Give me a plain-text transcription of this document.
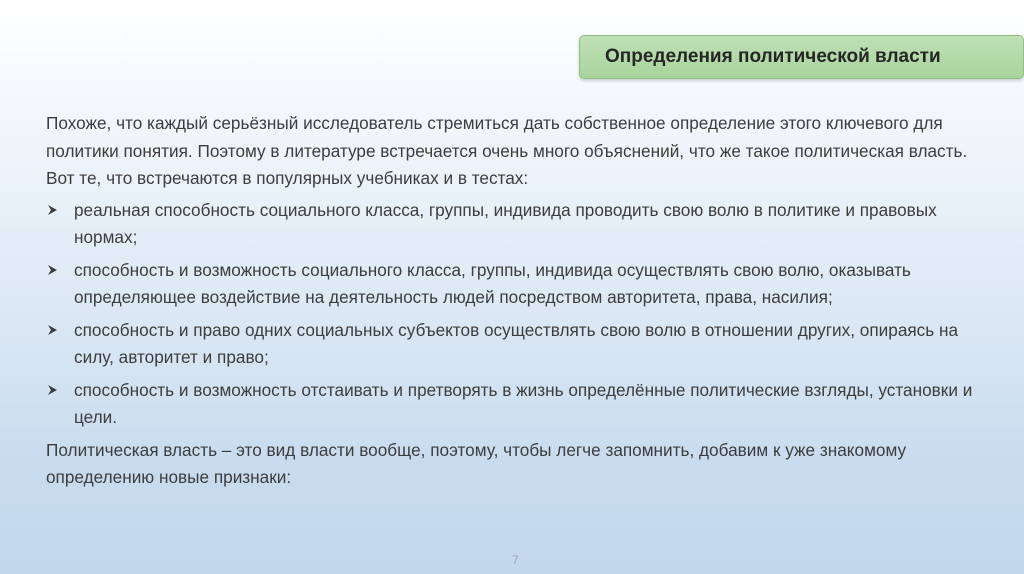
Определения политической власти

Похоже, что каждый серьёзный исследователь стремиться дать собственное определение этого ключевого для политики понятия. Поэтому в литературе встречается очень много объяснений, что же такое политическая власть. Вот те, что встречаются в популярных учебниках и в тестах:

реальная способность социального класса, группы, индивида проводить свою волю в политике и правовых нормах;
способность и возможность социального класса, группы, индивида осуществлять свою волю, оказывать определяющее воздействие на деятельность людей посредством авторитета, права, насилия;
способность и право одних социальных субъектов осуществлять свою волю в отношении других, опираясь на силу, авторитет и право;
способность и возможность отстаивать и претворять в жизнь определённые политические взгляды, установки и цели.

Политическая власть – это вид власти вообще, поэтому, чтобы легче запомнить, добавим к уже знакомому определению новые признаки:

7
